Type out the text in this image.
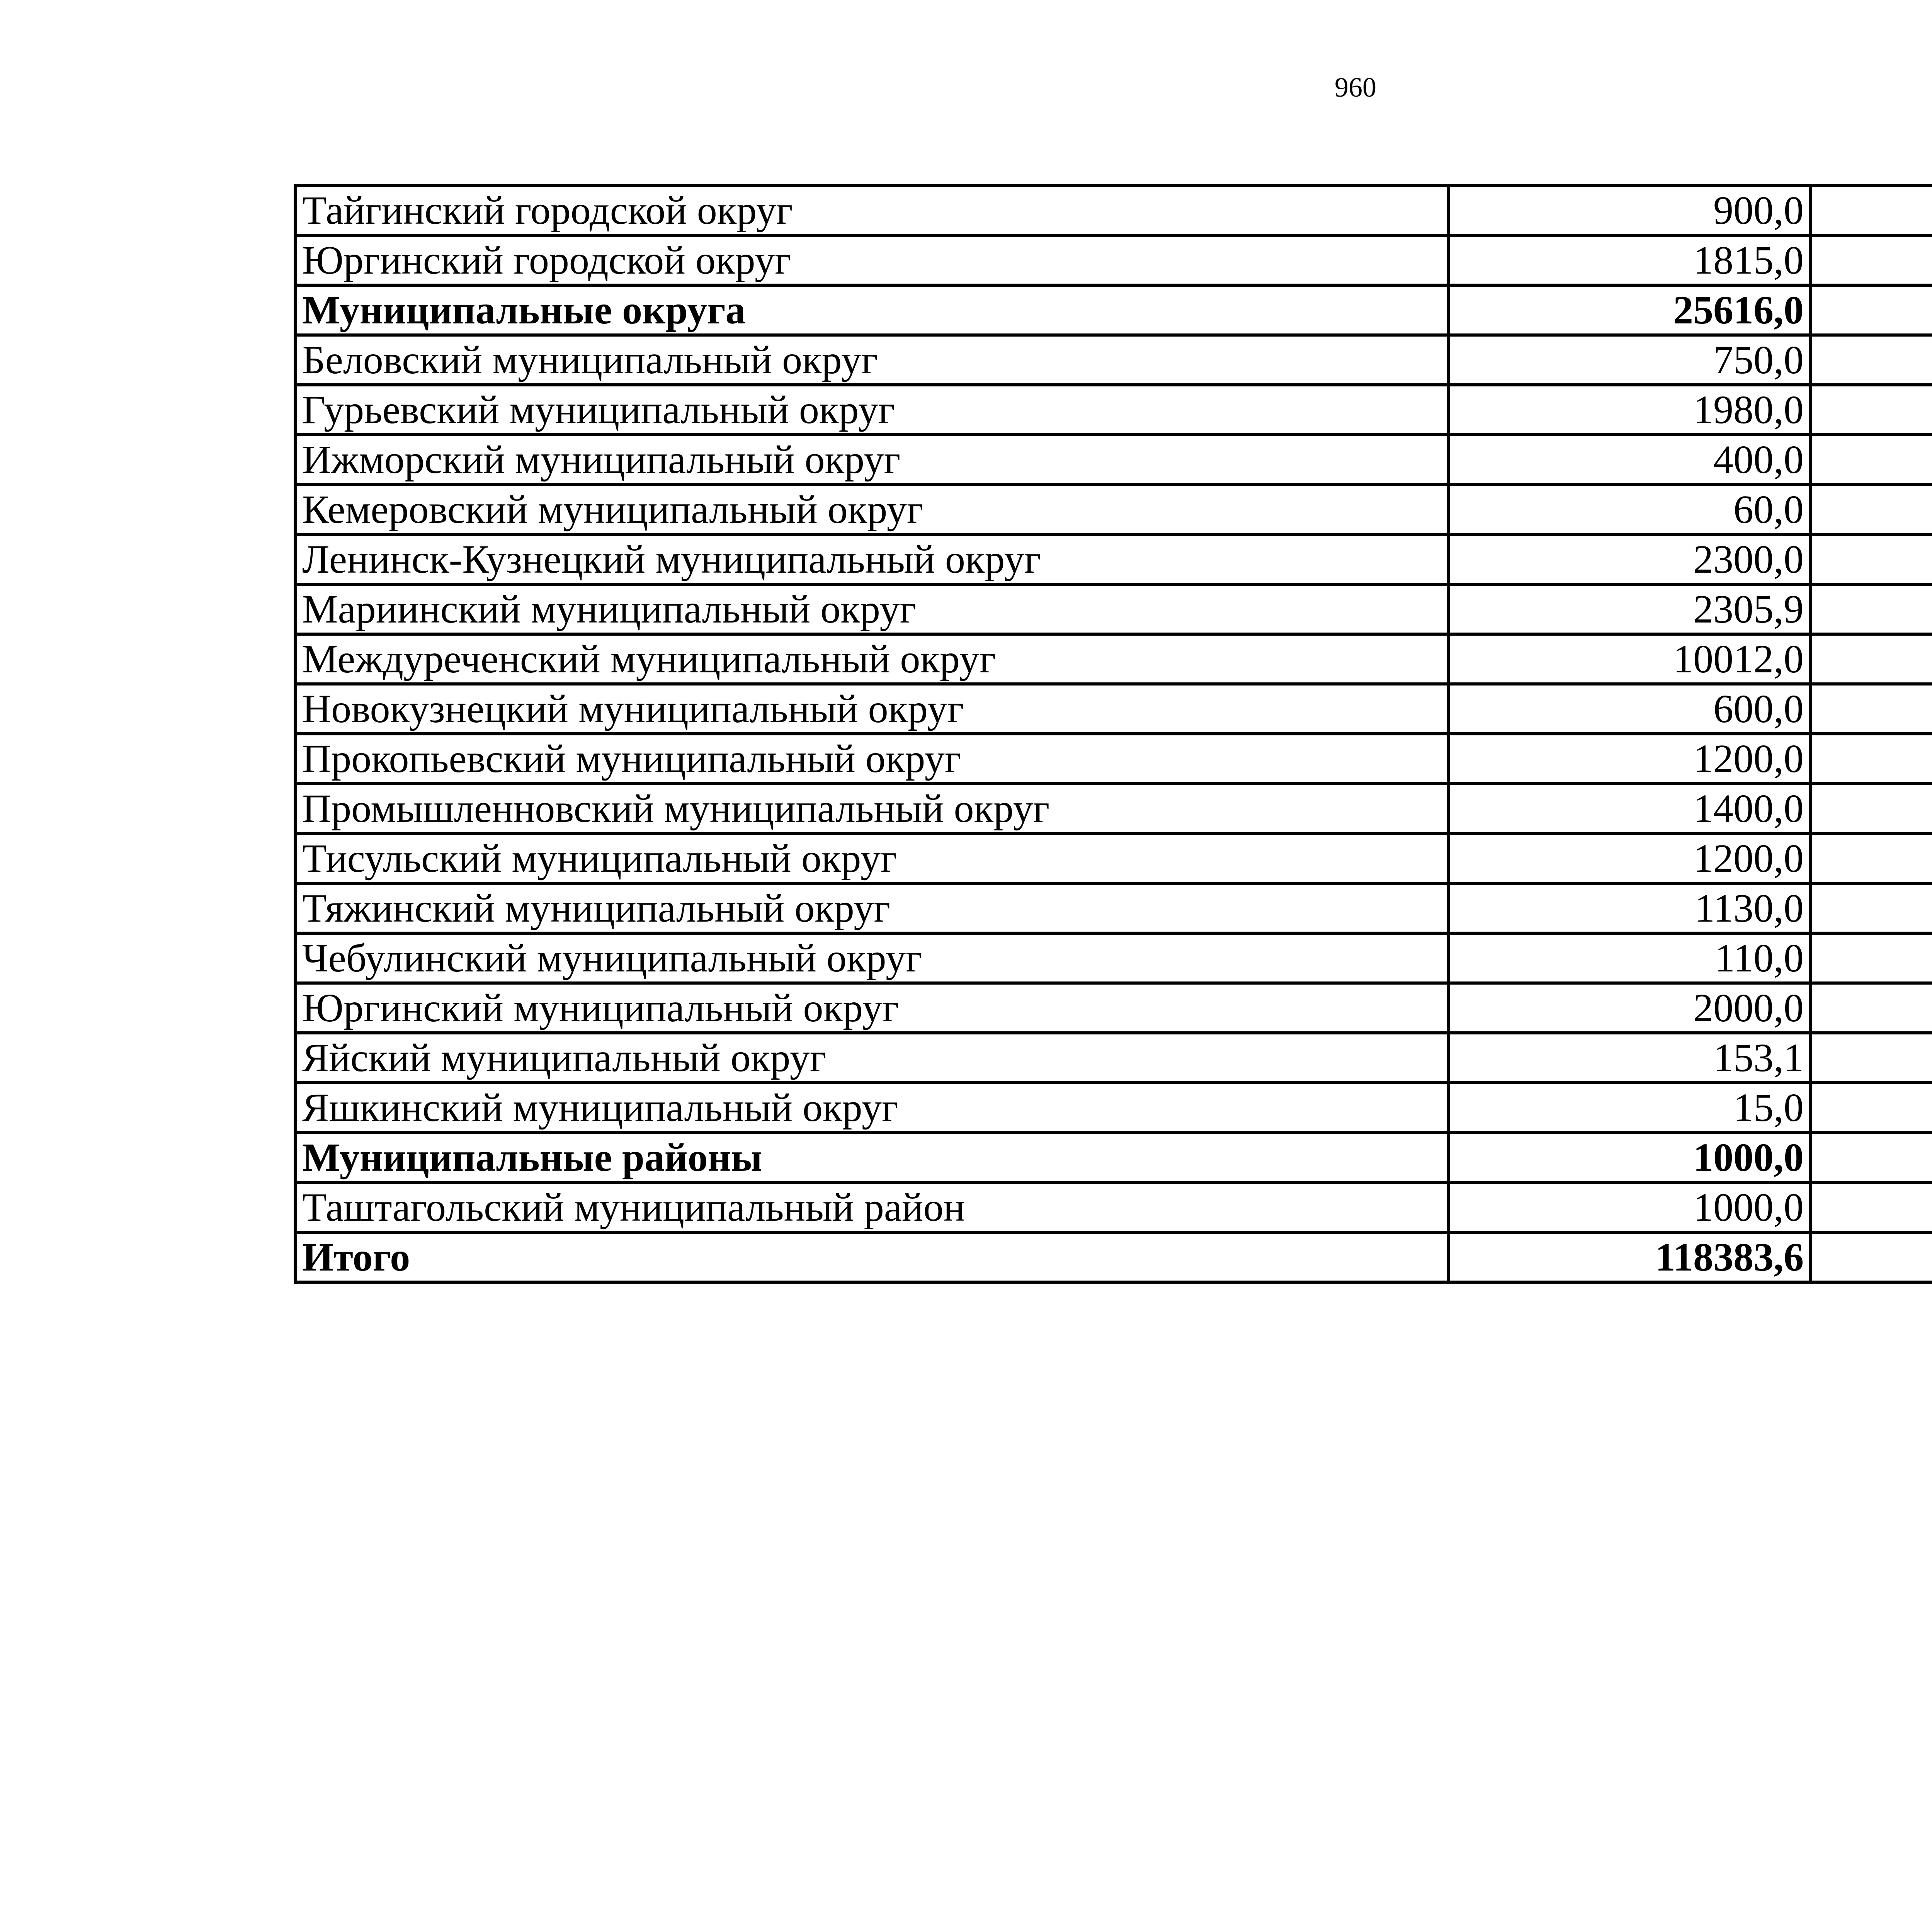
960
Тайгинский городской округ	900,0		
Юргинский городской округ	1815,0		
Муниципальные округа	25616,0		
Беловский муниципальный округ	750,0		
Гурьевский муниципальный округ	1980,0		
Ижморский муниципальный округ	400,0		
Кемеровский муниципальный округ	60,0		
Ленинск-Кузнецкий муниципальный округ	2300,0		
Мариинский муниципальный округ	2305,9		
Междуреченский муниципальный округ	10012,0		
Новокузнецкий муниципальный округ	600,0		
Прокопьевский муниципальный округ	1200,0		
Промышленновский муниципальный округ	1400,0		
Тисульский муниципальный округ	1200,0		
Тяжинский муниципальный округ	1130,0		
Чебулинский муниципальный округ	110,0		
Юргинский муниципальный округ	2000,0		
Яйский муниципальный округ	153,1		
Яшкинский муниципальный округ	15,0		
Муниципальные районы	1000,0		
Таштагольский муниципальный район	1000,0		
Итого	118383,6		
